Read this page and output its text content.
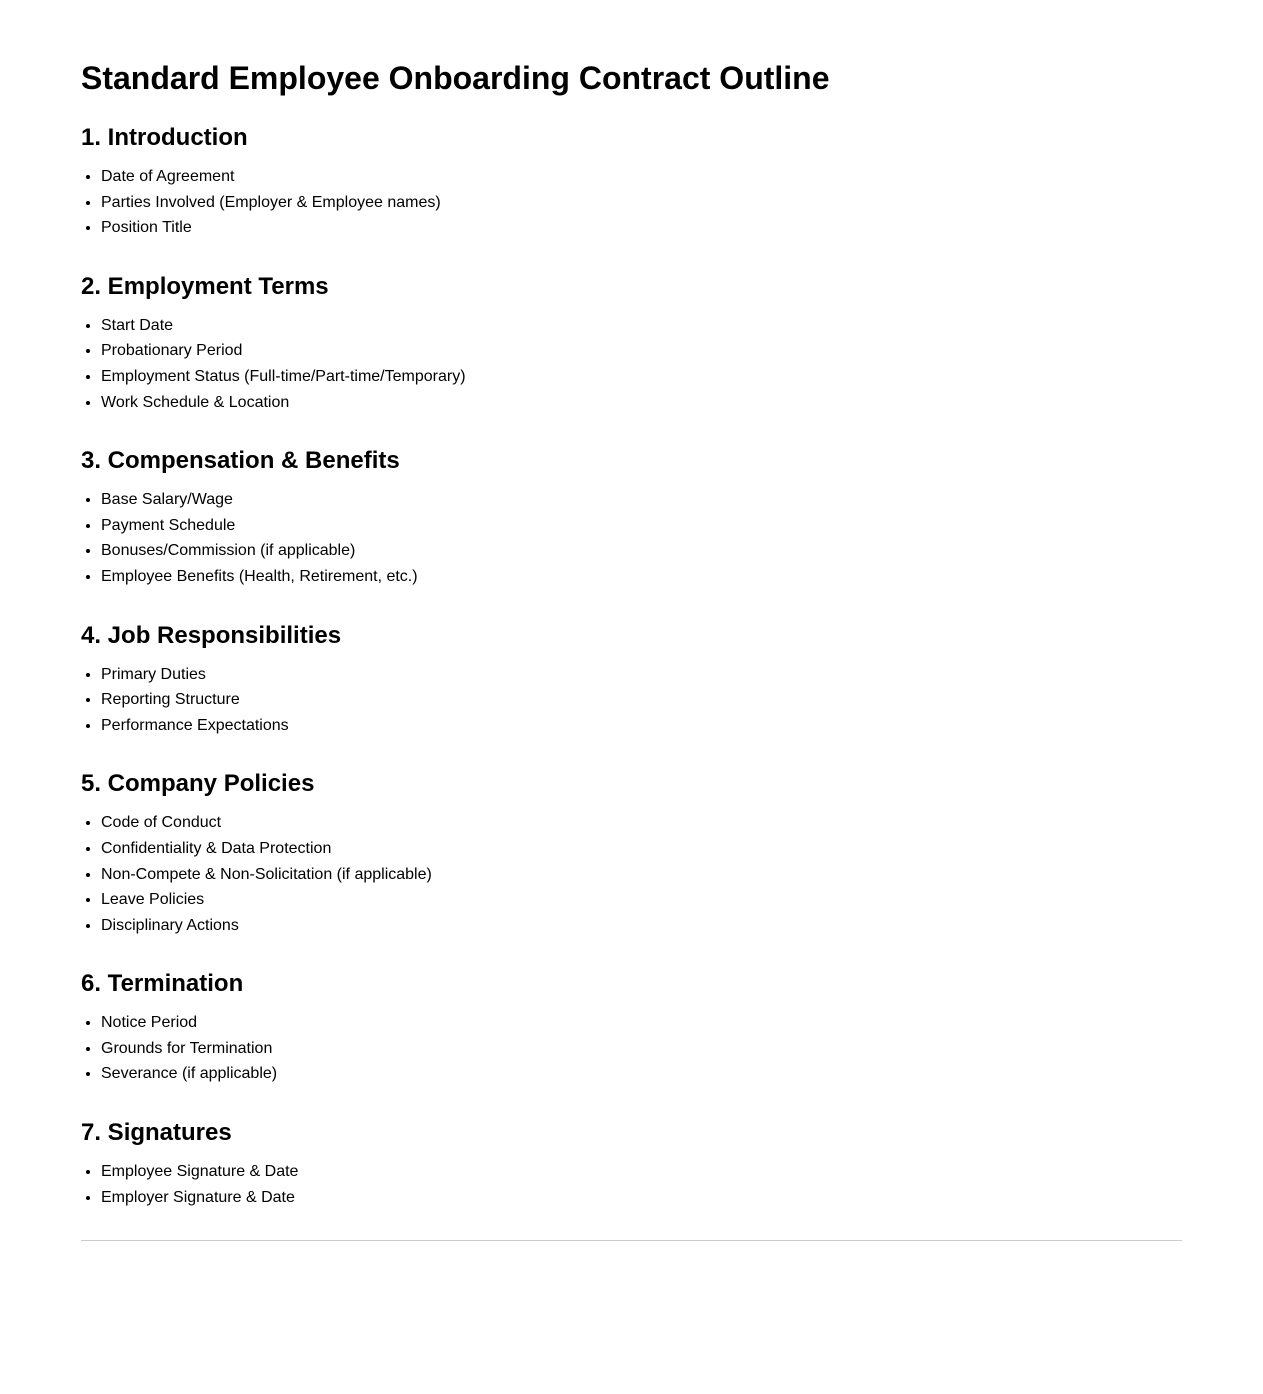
Standard Employee Onboarding Contract Outline
1. Introduction
• Date of Agreement
• Parties Involved (Employer & Employee names)
• Position Title
2. Employment Terms
• Start Date
• Probationary Period
• Employment Status (Full-time/Part-time/Temporary)
• Work Schedule & Location
3. Compensation & Benefits
• Base Salary/Wage
• Payment Schedule
• Bonuses/Commission (if applicable)
• Employee Benefits (Health, Retirement, etc.)
4. Job Responsibilities
• Primary Duties
• Reporting Structure
• Performance Expectations
5. Company Policies
• Code of Conduct
• Confidentiality & Data Protection
• Non-Compete & Non-Solicitation (if applicable)
• Leave Policies
• Disciplinary Actions
6. Termination
• Notice Period
• Grounds for Termination
• Severance (if applicable)
7. Signatures
• Employee Signature & Date
• Employer Signature & Date
